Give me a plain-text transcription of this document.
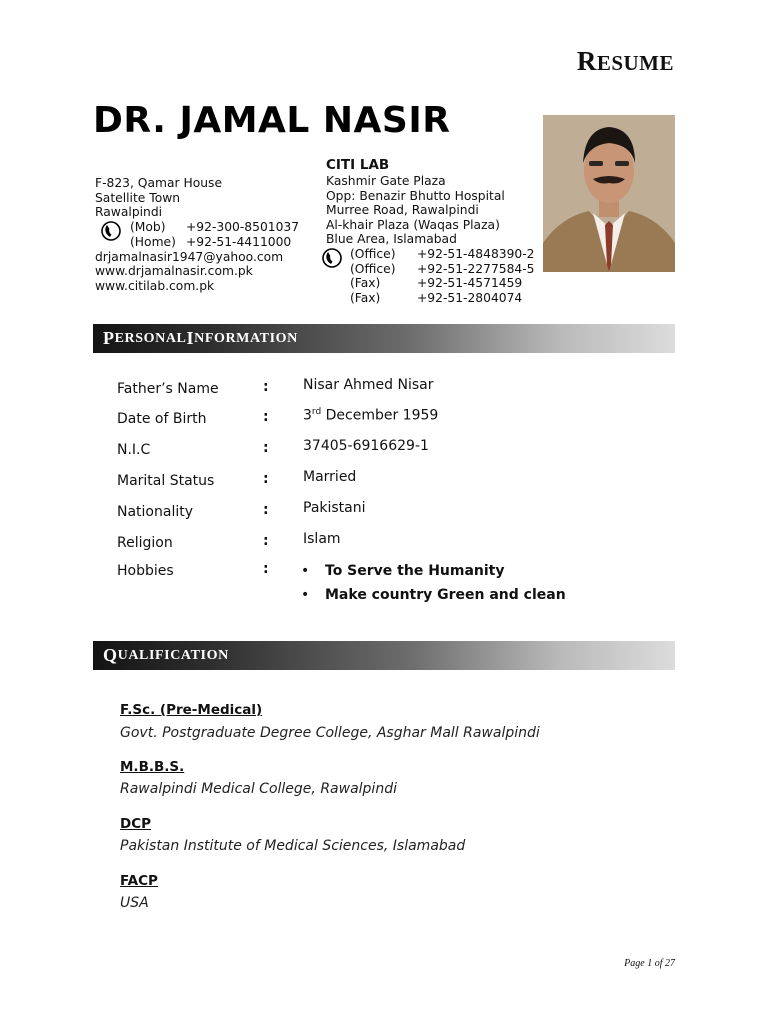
RESUME
DR. JAMAL NASIR
F-823, Qamar House
Satellite Town
Rawalpindi
(Mob)	+92-300-8501037
(Home) +92-51-4411000
drjamalnasir1947@yahoo.com
www.drjamalnasir.com.pk
www.citilab.com.pk
CITI LAB
Kashmir Gate Plaza
Opp: Benazir Bhutto Hospital
Murree Road, Rawalpindi
Al-khair Plaza (Waqas Plaza)
Blue Area, Islamabad
(Office)	+92-51-4848390-2
(Office)	+92-51-2277584-5
(Fax)	+92-51-4571459
(Fax)	+92-51-2804074
P ERSONAL I NFORMATION
Father’s Name	: Nisar Ahmed Nisar
Date of Birth	: 3rd December 1959
N.I.C	: 37405-6916629-1
Marital Status	: Married
Nationality	: Pakistani
Religion	: Islam
Hobbies	: •	To Serve the Humanity
•	Make country Green and clean
Q UALIFICATION
F.Sc. (Pre-Medical)
Govt. Postgraduate Degree College, Asghar Mall Rawalpindi
M.B.B.S.
Rawalpindi Medical College, Rawalpindi
DCP
Pakistan Institute of Medical Sciences, Islamabad
FACP
USA
Page 1 of 27
